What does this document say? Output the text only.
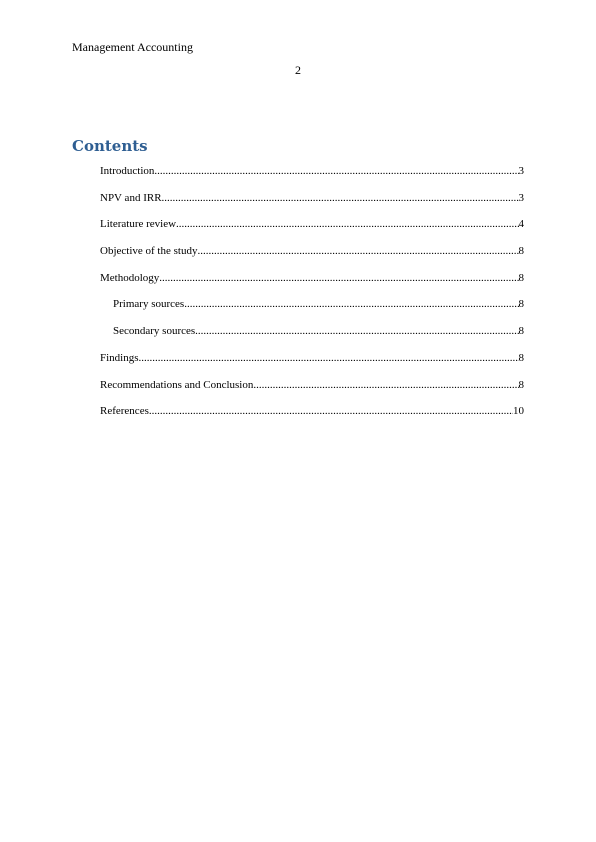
Management Accounting
2
Contents
Introduction .....	3
NPV and IRR .....	3
Literature review .....	4
Objective of the study .....	8
Methodology .....	8
Primary sources .....	8
Secondary sources .....	8
Findings .....	8
Recommendations and Conclusion .....	8
References .....	10
